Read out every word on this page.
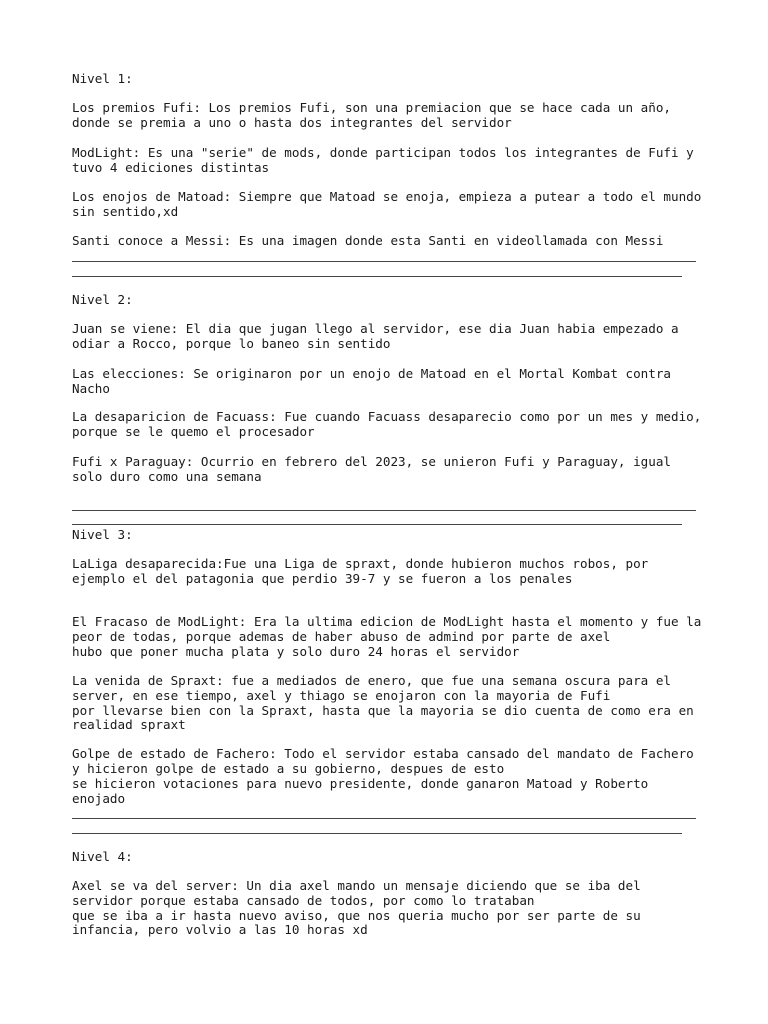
Nivel 1:
Los premios Fufi: Los premios Fufi, son una premiacion que se hace cada un año,
donde se premia a uno o hasta dos integrantes del servidor
ModLight: Es una "serie" de mods, donde participan todos los integrantes de Fufi y
tuvo 4 ediciones distintas
Los enojos de Matoad: Siempre que Matoad se enoja, empieza a putear a todo el mundo
sin sentido,xd
Santi conoce a Messi: Es una imagen donde esta Santi en videollamada con Messi
Nivel 2:
Juan se viene: El dia que jugan llego al servidor, ese dia Juan habia empezado a
odiar a Rocco, porque lo baneo sin sentido
Las elecciones: Se originaron por un enojo de Matoad en el Mortal Kombat contra
Nacho
La desaparicion de Facuass: Fue cuando Facuass desaparecio como por un mes y medio,
porque se le quemo el procesador
Fufi x Paraguay: Ocurrio en febrero del 2023, se unieron Fufi y Paraguay, igual
solo duro como una semana
Nivel 3:
LaLiga desaparecida:Fue una Liga de spraxt, donde hubieron muchos robos, por
ejemplo el del patagonia que perdio 39-7 y se fueron a los penales
El Fracaso de ModLight: Era la ultima edicion de ModLight hasta el momento y fue la
peor de todas, porque ademas de haber abuso de admind por parte de axel
hubo que poner mucha plata y solo duro 24 horas el servidor
La venida de Spraxt: fue a mediados de enero, que fue una semana oscura para el
server, en ese tiempo, axel y thiago se enojaron con la mayoria de Fufi
por llevarse bien con la Spraxt, hasta que la mayoria se dio cuenta de como era en
realidad spraxt
Golpe de estado de Fachero: Todo el servidor estaba cansado del mandato de Fachero
y hicieron golpe de estado a su gobierno, despues de esto
se hicieron votaciones para nuevo presidente, donde ganaron Matoad y Roberto
enojado
Nivel 4:
Axel se va del server: Un dia axel mando un mensaje diciendo que se iba del
servidor porque estaba cansado de todos, por como lo trataban
que se iba a ir hasta nuevo aviso, que nos queria mucho por ser parte de su
infancia, pero volvio a las 10 horas xd
